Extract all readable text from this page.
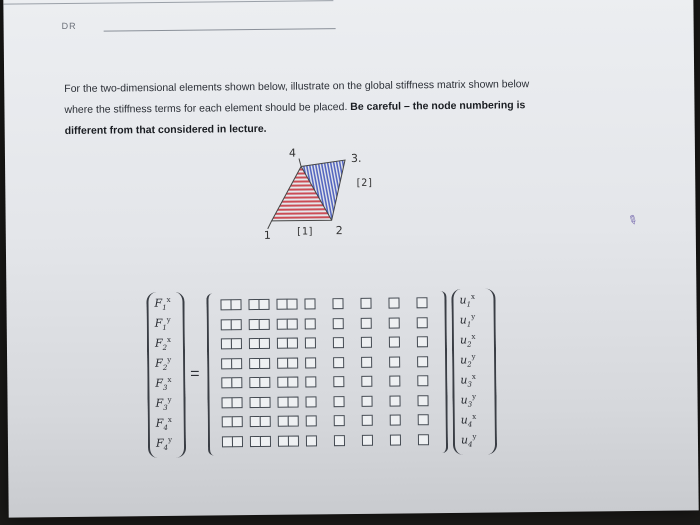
DR
For the two-dimensional elements shown below, illustrate on the global stiffness matrix shown below
where the stiffness terms for each element should be placed. Be careful – the node numbering is
different from that considered in lecture.
4	3.
1	2
[1]
[2]
✎
$F_1^x$
$F_1^y$
$F_2^x$
$F_2^y$
$F_3^x$
$F_3^y$
$F_4^x$
$F_4^y$
=
$u_1^x$
$u_1^y$
$u_2^x$
$u_2^y$
$u_3^x$
$u_3^y$
$u_4^x$
$u_4^y$
